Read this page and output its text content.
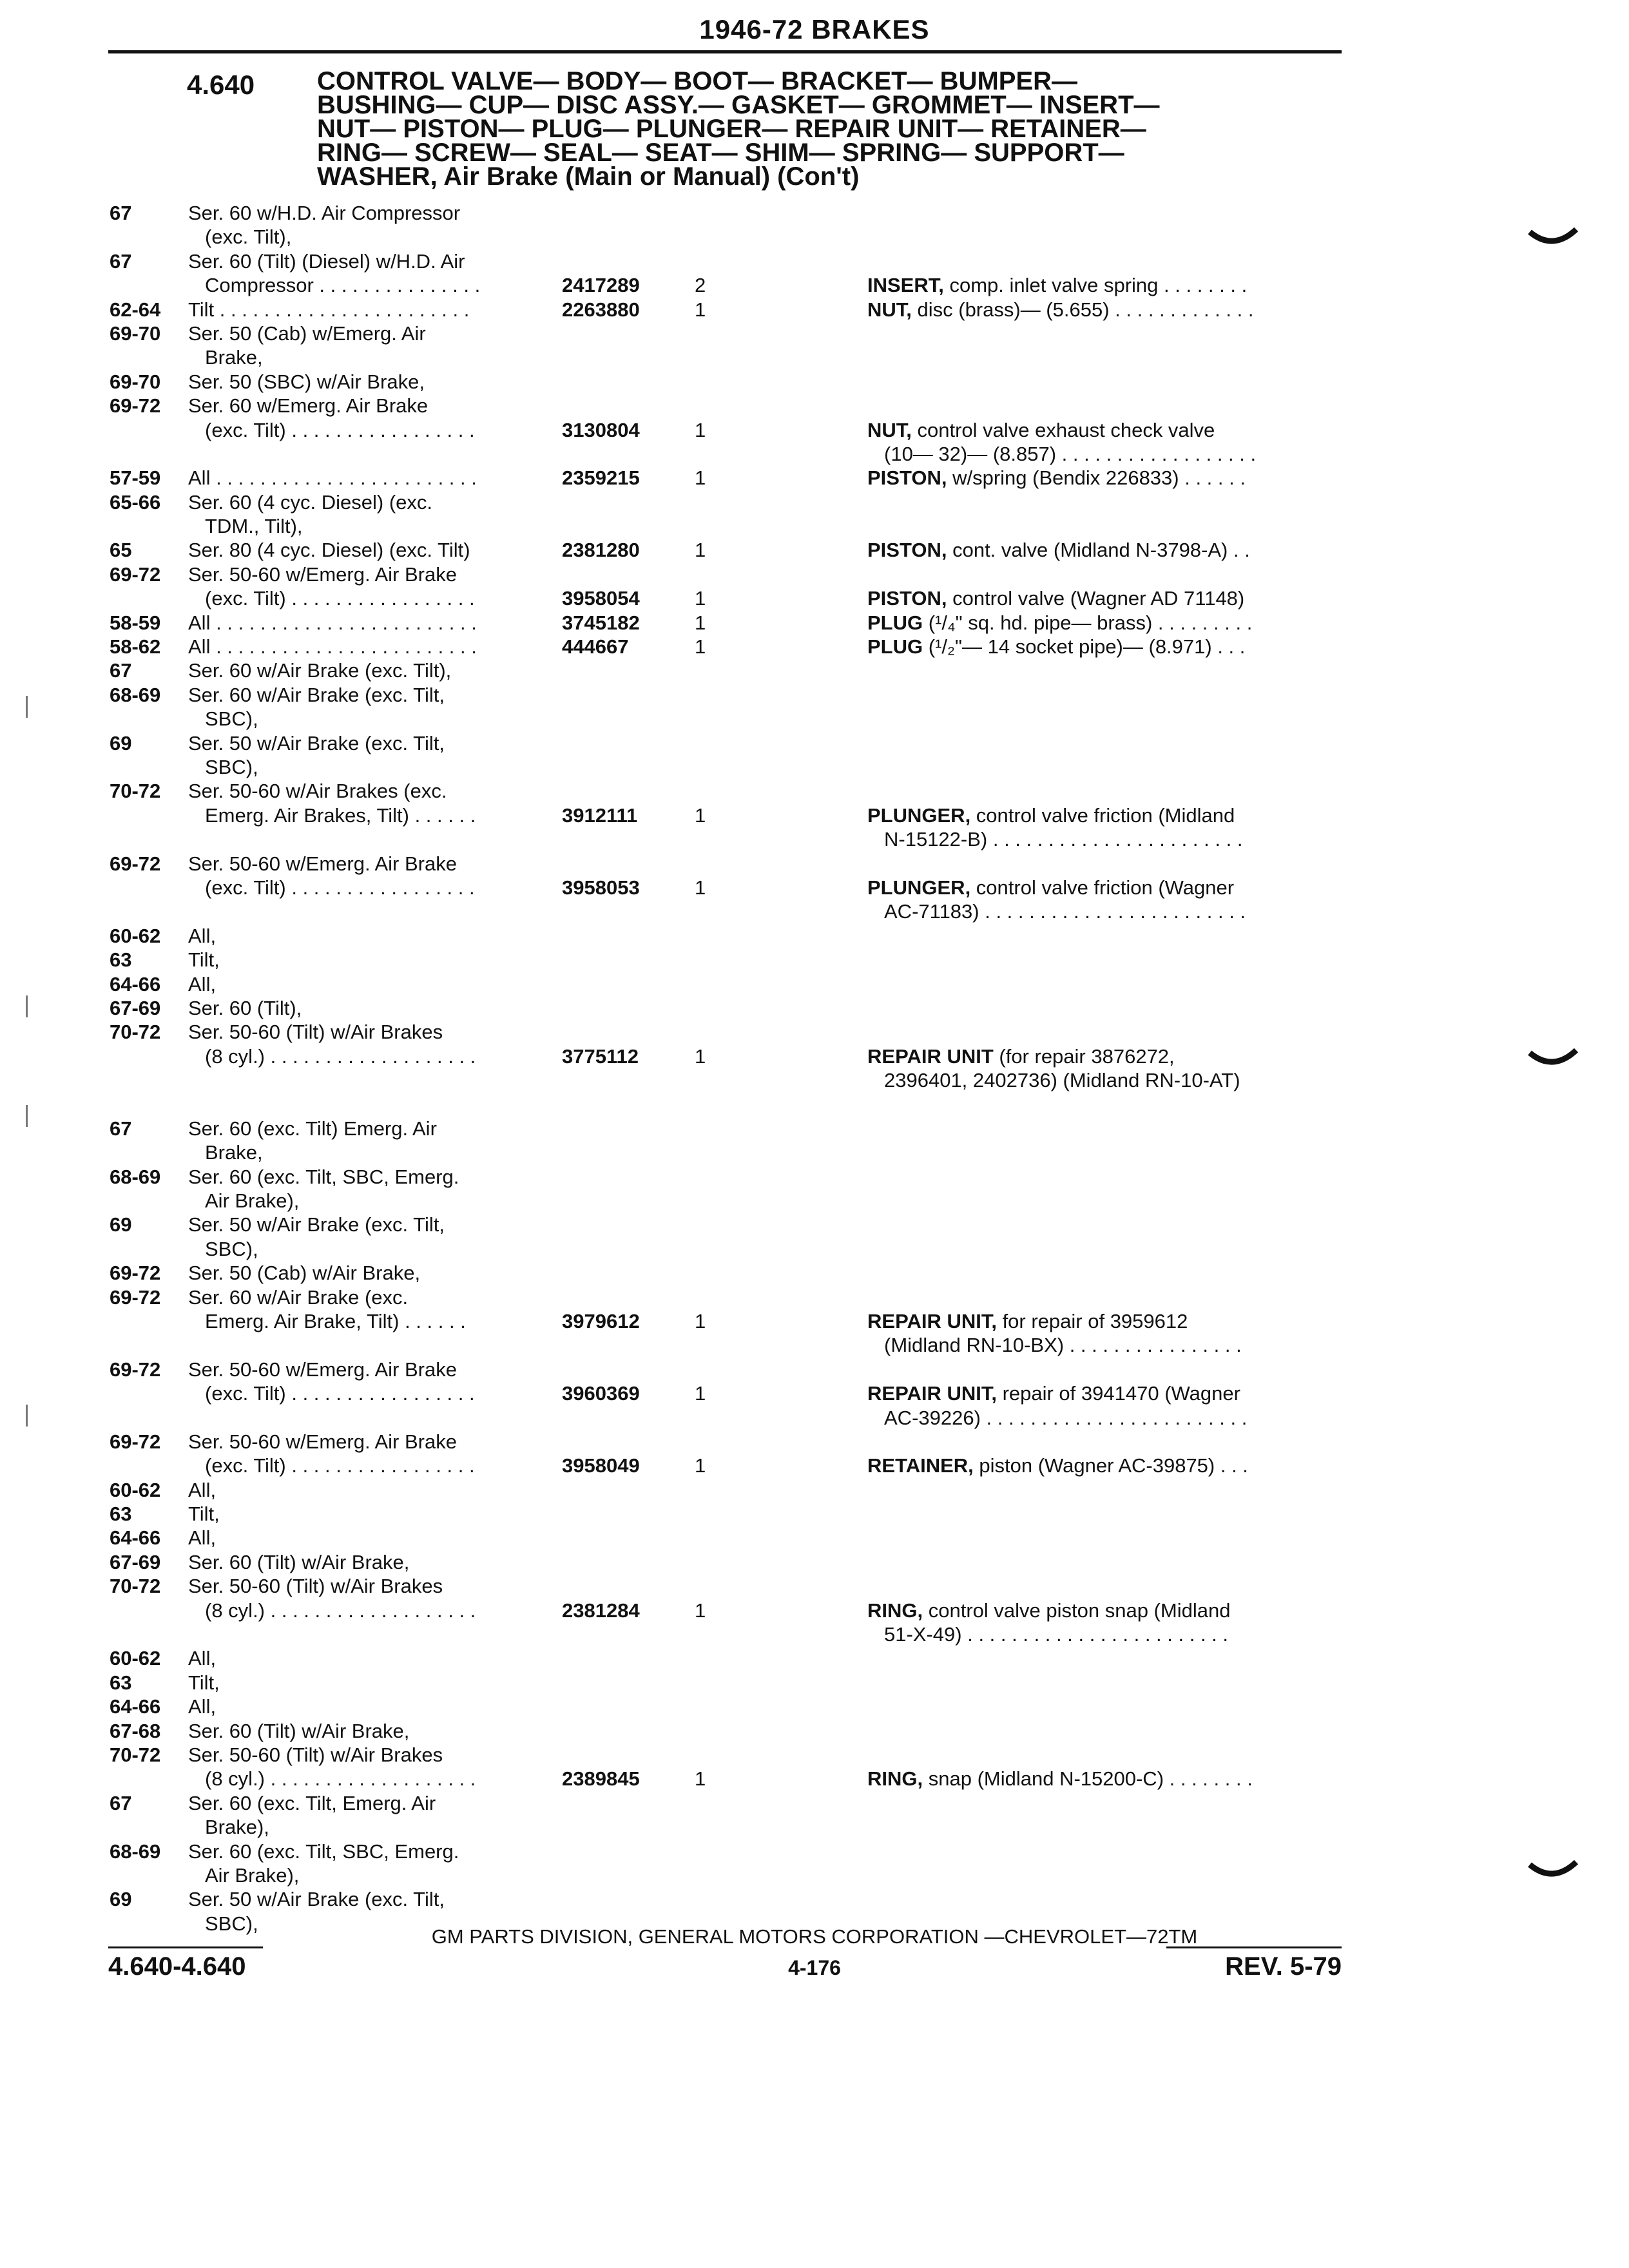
1946-72 BRAKES
4.640 CONTROL VALVE— BODY— BOOT— BRACKET— BUMPER—
BUSHING— CUP— DISC ASSY.— GASKET— GROMMET— INSERT—
NUT— PISTON— PLUG— PLUNGER— REPAIR UNIT— RETAINER—
RING— SCREW— SEAL— SEAT— SHIM— SPRING— SUPPORT—
WASHER, Air Brake (Main or Manual) (Con't)
67	Ser. 60 w/H.D. Air Compressor
(exc. Tilt),
67	Ser. 60 (Tilt) (Diesel) w/H.D. Air
Compressor . . . . . . . . . . . . . . .	2417289	2	INSERT, comp. inlet valve spring . . . . . . . .
62-64 Tilt . . . . . . . . . . . . . . . . . . . . . . .	2263880	1	NUT, disc (brass)— (5.655) . . . . . . . . . . . . .
69-70 Ser. 50 (Cab) w/Emerg. Air
Brake,
69-70 Ser. 50 (SBC) w/Air Brake,
69-72 Ser. 60 w/Emerg. Air Brake
(exc. Tilt) . . . . . . . . . . . . . . . . .	3130804	1	NUT, control valve exhaust check valve
(10— 32)— (8.857) . . . . . . . . . . . . . . . . . .
57-59 All . . . . . . . . . . . . . . . . . . . . . . . .	2359215	1	PISTON, w/spring (Bendix 226833) . . . . . .
65-66 Ser. 60 (4 cyc. Diesel) (exc.
TDM., Tilt),
65	Ser. 80 (4 cyc. Diesel) (exc. Tilt)	2381280	1	PISTON, cont. valve (Midland N-3798-A) . .
69-72 Ser. 50-60 w/Emerg. Air Brake
(exc. Tilt) . . . . . . . . . . . . . . . . .	3958054	1	PISTON, control valve (Wagner AD 71148)
58-59 All . . . . . . . . . . . . . . . . . . . . . . . .	3745182	1	PLUG (¹/₄" sq. hd. pipe— brass) . . . . . . . . .
58-62 All . . . . . . . . . . . . . . . . . . . . . . . .	444667	1	PLUG (¹/₂"— 14 socket pipe)— (8.971) . . .
67	Ser. 60 w/Air Brake (exc. Tilt),
68-69 Ser. 60 w/Air Brake (exc. Tilt,
SBC),
69	Ser. 50 w/Air Brake (exc. Tilt,
SBC),
70-72 Ser. 50-60 w/Air Brakes (exc.
Emerg. Air Brakes, Tilt) . . . . . .	3912111	1	PLUNGER, control valve friction (Midland
N-15122-B) . . . . . . . . . . . . . . . . . . . . . . .
69-72 Ser. 50-60 w/Emerg. Air Brake
(exc. Tilt) . . . . . . . . . . . . . . . . .	3958053	1	PLUNGER, control valve friction (Wagner
AC-71183) . . . . . . . . . . . . . . . . . . . . . . . .
60-62 All,
63	Tilt,
64-66 All,
67-69 Ser. 60 (Tilt),
70-72 Ser. 50-60 (Tilt) w/Air Brakes
(8 cyl.) . . . . . . . . . . . . . . . . . . .	3775112	1	REPAIR UNIT (for repair 3876272,
2396401, 2402736) (Midland RN-10-AT)
67	Ser. 60 (exc. Tilt) Emerg. Air
Brake,
68-69 Ser. 60 (exc. Tilt, SBC, Emerg.
Air Brake),
69	Ser. 50 w/Air Brake (exc. Tilt,
SBC),
69-72 Ser. 50 (Cab) w/Air Brake,
69-72 Ser. 60 w/Air Brake (exc.
Emerg. Air Brake, Tilt) . . . . . .	3979612	1	REPAIR UNIT, for repair of 3959612
(Midland RN-10-BX) . . . . . . . . . . . . . . . .
69-72 Ser. 50-60 w/Emerg. Air Brake
(exc. Tilt) . . . . . . . . . . . . . . . . .	3960369	1	REPAIR UNIT, repair of 3941470 (Wagner
AC-39226) . . . . . . . . . . . . . . . . . . . . . . . .
69-72 Ser. 50-60 w/Emerg. Air Brake
(exc. Tilt) . . . . . . . . . . . . . . . . .	3958049	1	RETAINER, piston (Wagner AC-39875) . . .
60-62 All,
63	Tilt,
64-66 All,
67-69 Ser. 60 (Tilt) w/Air Brake,
70-72 Ser. 50-60 (Tilt) w/Air Brakes
(8 cyl.) . . . . . . . . . . . . . . . . . . .	2381284	1	RING, control valve piston snap (Midland
51-X-49) . . . . . . . . . . . . . . . . . . . . . . . .
60-62 All,
63	Tilt,
64-66 All,
67-68 Ser. 60 (Tilt) w/Air Brake,
70-72 Ser. 50-60 (Tilt) w/Air Brakes
(8 cyl.) . . . . . . . . . . . . . . . . . . .	2389845	1	RING, snap (Midland N-15200-C) . . . . . . . .
67	Ser. 60 (exc. Tilt, Emerg. Air
Brake),
68-69 Ser. 60 (exc. Tilt, SBC, Emerg.
Air Brake),
69	Ser. 50 w/Air Brake (exc. Tilt,
SBC),
GM PARTS DIVISION, GENERAL MOTORS CORPORATION —CHEVROLET—72TM
4.640-4.640	4-176	REV. 5-79
